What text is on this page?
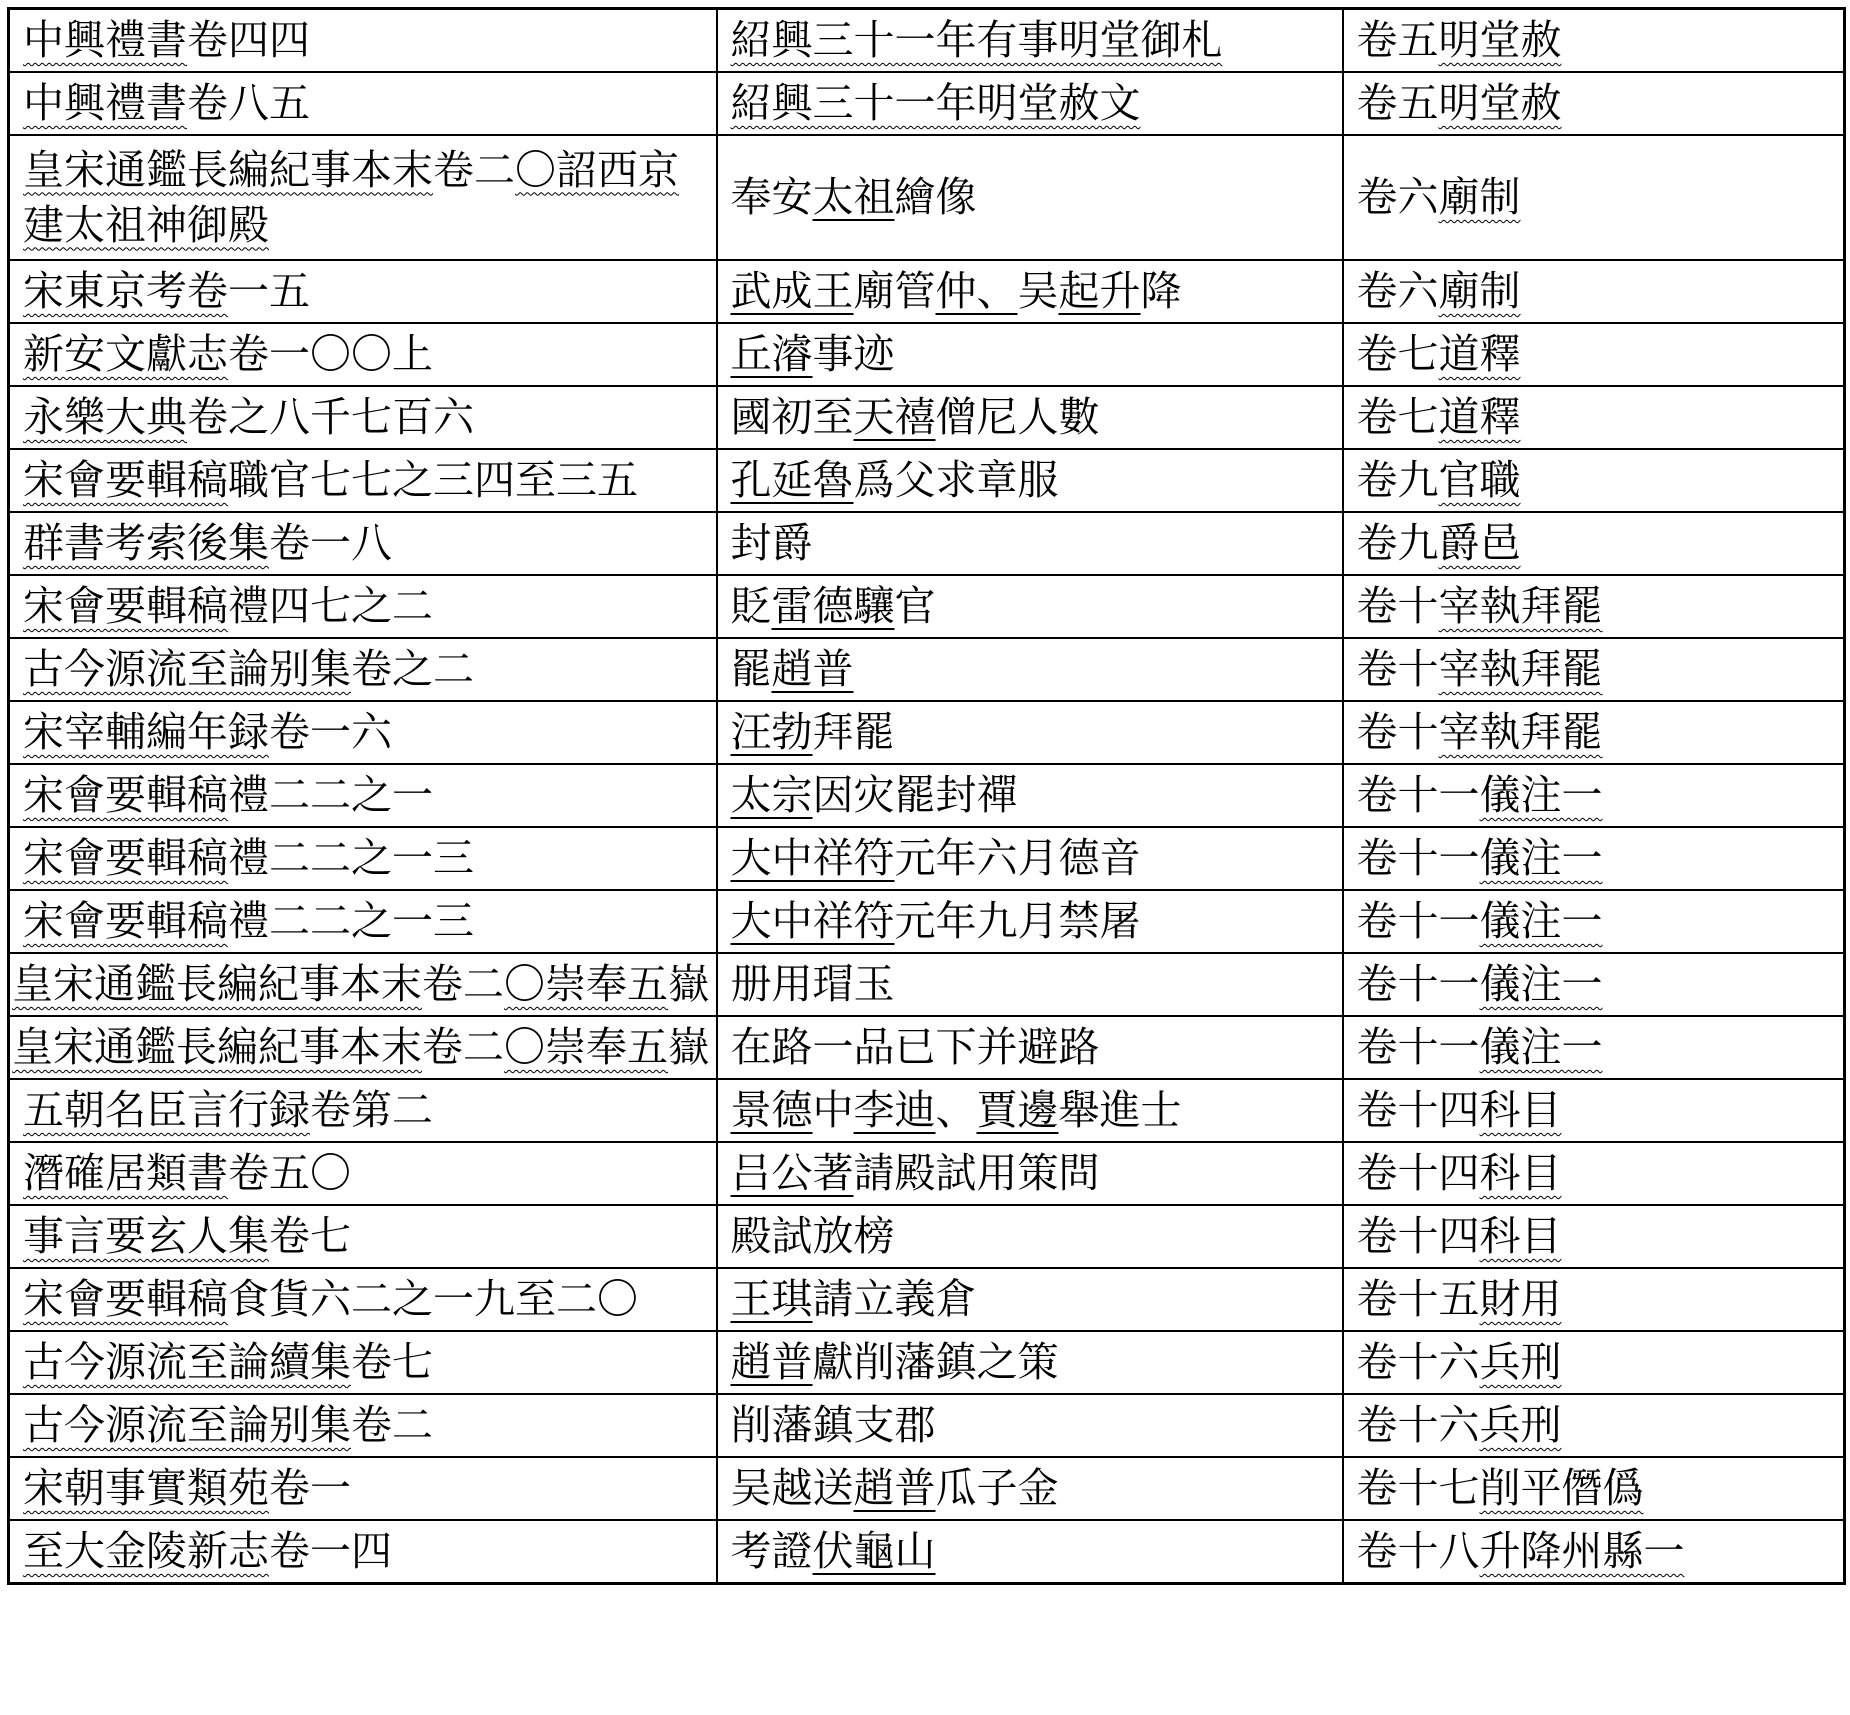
中興禮書卷四四	紹興三十一年有事明堂御札	卷五明堂赦
中興禮書卷八五	紹興三十一年明堂赦文	卷五明堂赦
皇宋通鑑長編紀事本末卷二〇詔西京建太祖神御殿	奉安太祖繪像	卷六廟制
宋東京考卷一五	武成王廟管仲、吴起升降	卷六廟制
新安文獻志卷一〇〇上	丘濬事迹	卷七道釋
永樂大典卷之八千七百六	國初至天禧僧尼人數	卷七道釋
宋會要輯稿職官七七之三四至三五	孔延魯爲父求章服	卷九官職
群書考索後集卷一八	封爵	卷九爵邑
宋會要輯稿禮四七之二	貶雷德驤官	卷十宰執拜罷
古今源流至論别集卷之二	罷趙普	卷十宰執拜罷
宋宰輔編年録卷一六	汪勃拜罷	卷十宰執拜罷
宋會要輯稿禮二二之一	太宗因灾罷封禪	卷十一儀注一
宋會要輯稿禮二二之一三	大中祥符元年六月德音	卷十一儀注一
宋會要輯稿禮二二之一三	大中祥符元年九月禁屠	卷十一儀注一
皇宋通鑑長編紀事本末卷二〇崇奉五嶽	册用瑁玉	卷十一儀注一
皇宋通鑑長編紀事本末卷二〇崇奉五嶽	在路一品已下并避路	卷十一儀注一
五朝名臣言行録卷第二	景德中李迪、賈邊舉進士	卷十四科目
潛確居類書卷五〇	吕公著請殿試用策問	卷十四科目
事言要玄人集卷七	殿試放榜	卷十四科目
宋會要輯稿食貨六二之一九至二〇	王琪請立義倉	卷十五財用
古今源流至論續集卷七	趙普獻削藩鎮之策	卷十六兵刑
古今源流至論别集卷二	削藩鎮支郡	卷十六兵刑
宋朝事實類苑卷一	吴越送趙普瓜子金	卷十七削平僭僞
至大金陵新志卷一四	考證伏龜山	卷十八升降州縣一
